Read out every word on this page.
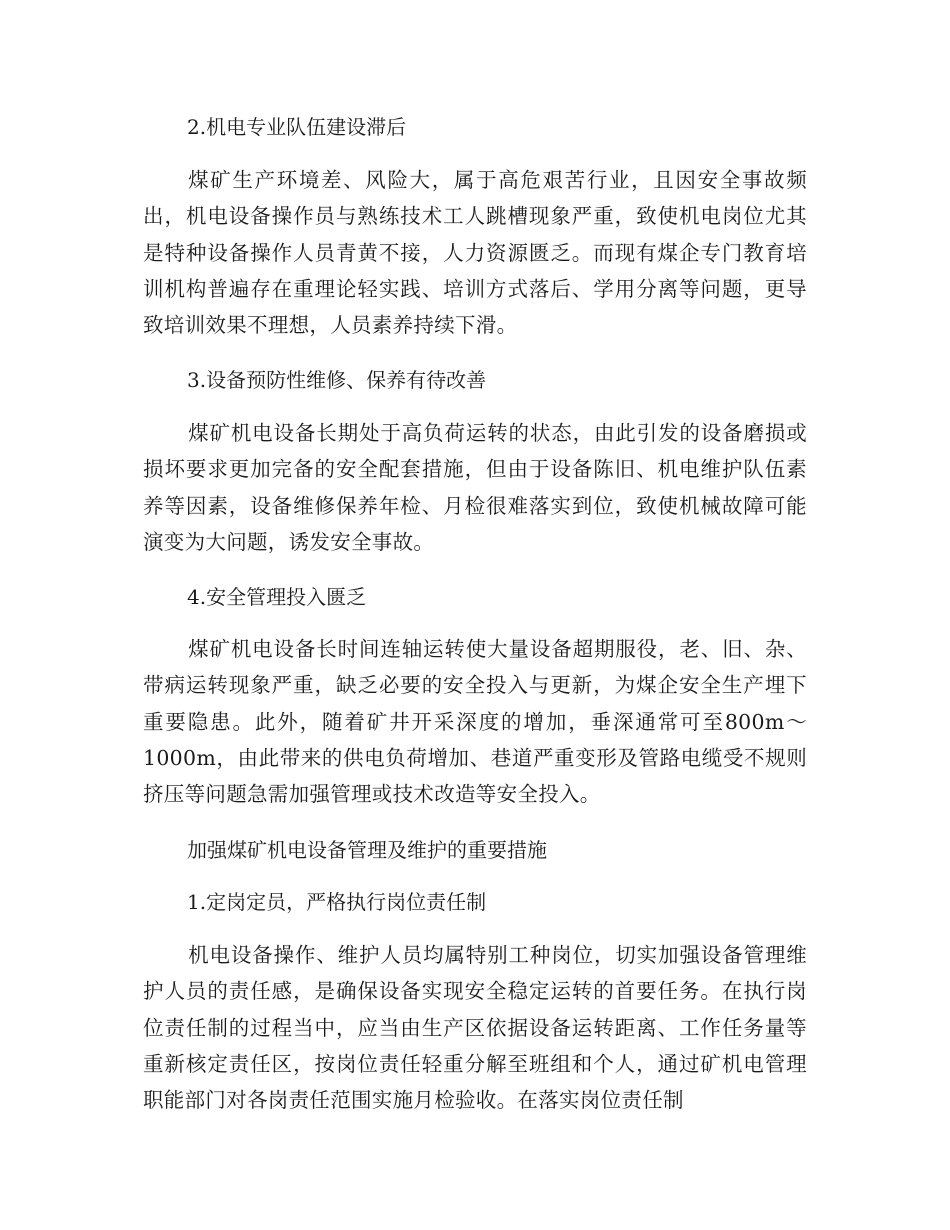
2.机电专业队伍建设滞后
煤矿生产环境差、风险大，属于高危艰苦行业，且因安全事故频出，机电设备操作员与熟练技术工人跳槽现象严重，致使机电岗位尤其是特种设备操作人员青黄不接，人力资源匮乏。而现有煤企专门教育培训机构普遍存在重理论轻实践、培训方式落后、学用分离等问题，更导致培训效果不理想，人员素养持续下滑。
3.设备预防性维修、保养有待改善
煤矿机电设备长期处于高负荷运转的状态，由此引发的设备磨损或损坏要求更加完备的安全配套措施，但由于设备陈旧、机电维护队伍素养等因素，设备维修保养年检、月检很难落实到位，致使机械故障可能演变为大问题，诱发安全事故。
4.安全管理投入匮乏
煤矿机电设备长时间连轴运转使大量设备超期服役，老、旧、杂、带病运转现象严重，缺乏必要的安全投入与更新，为煤企安全生产埋下重要隐患。此外，随着矿井开采深度的增加，垂深通常可至800m～1000m，由此带来的供电负荷增加、巷道严重变形及管路电缆受不规则挤压等问题急需加强管理或技术改造等安全投入。
加强煤矿机电设备管理及维护的重要措施
1.定岗定员，严格执行岗位责任制
机电设备操作、维护人员均属特别工种岗位，切实加强设备管理维护人员的责任感，是确保设备实现安全稳定运转的首要任务。在执行岗位责任制的过程当中，应当由生产区依据设备运转距离、工作任务量等重新核定责任区，按岗位责任轻重分解至班组和个人，通过矿机电管理职能部门对各岗责任范围实施月检验收。在落实岗位责任制
